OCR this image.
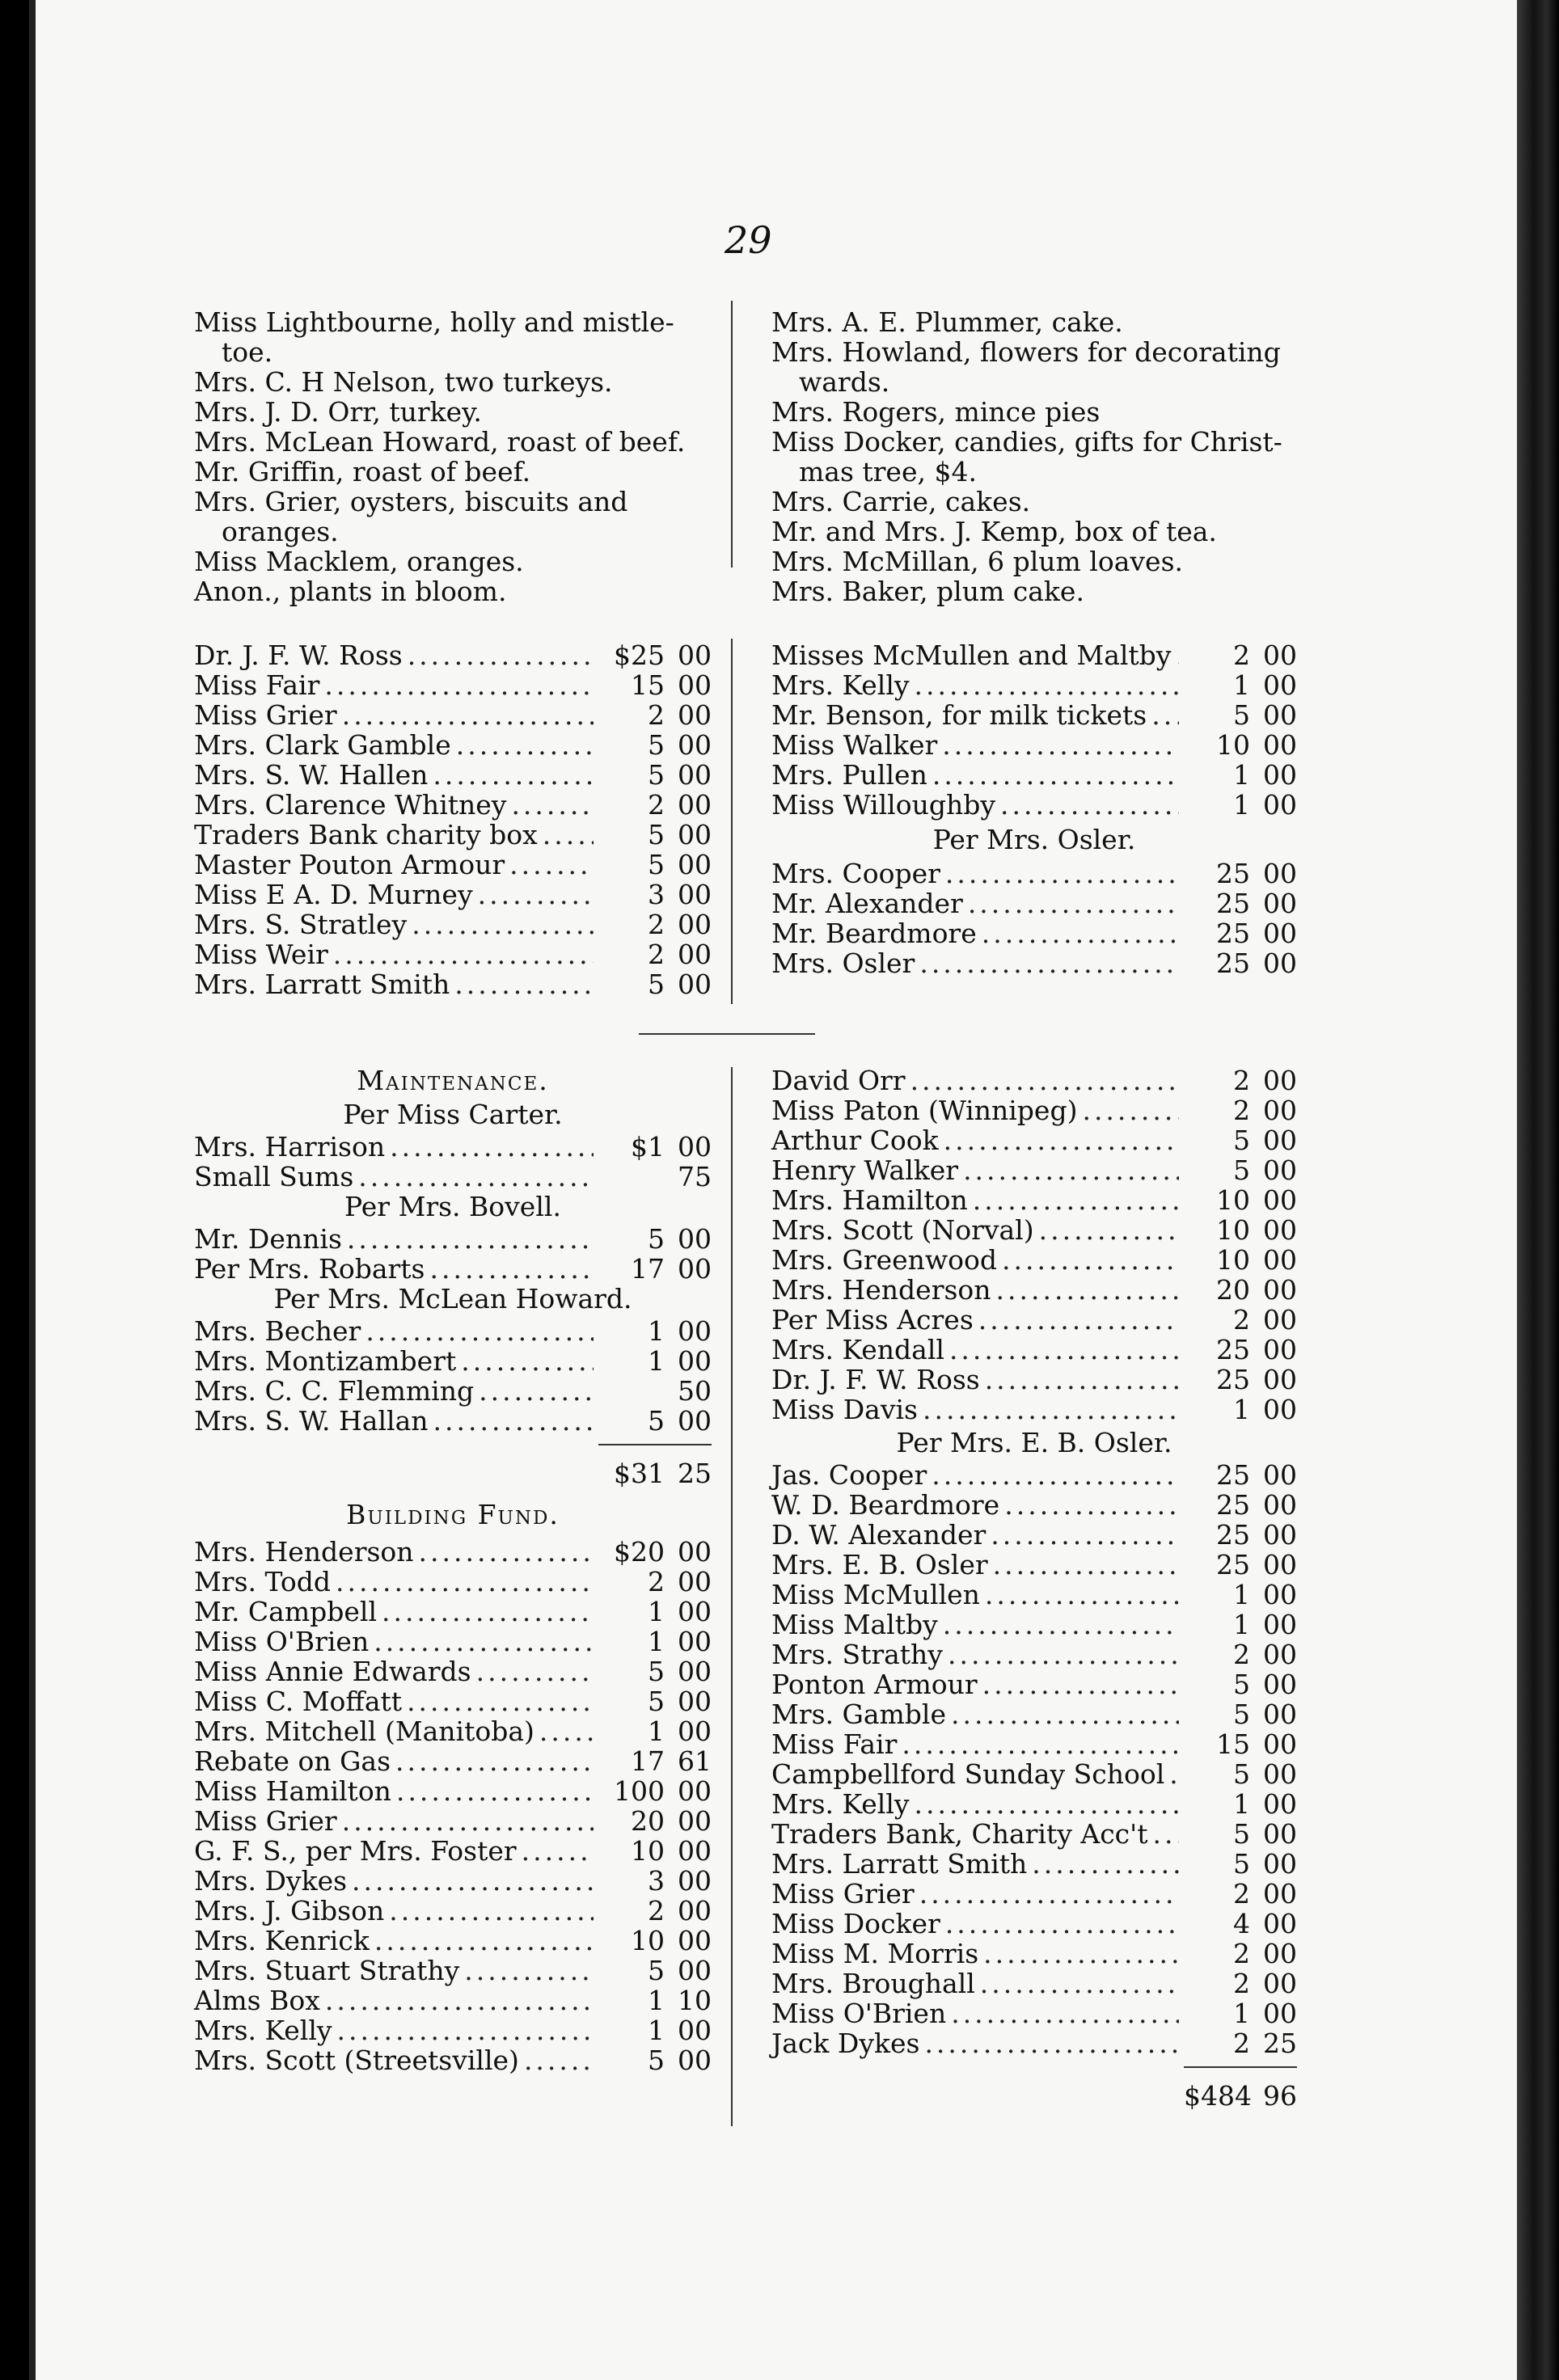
29
Miss Lightbourne, holly and mistle-
toe.
Mrs. C. H Nelson, two turkeys.
Mrs. J. D. Orr, turkey.
Mrs. McLean Howard, roast of beef.
Mr. Griffin, roast of beef.
Mrs. Grier, oysters, biscuits and
oranges.
Miss Macklem, oranges.
Anon., plants in bloom.
Mrs. A. E. Plummer, cake.
Mrs. Howland, flowers for decorating
wards.
Mrs. Rogers, mince pies
Miss Docker, candies, gifts for Christ-
mas tree, $4.
Mrs. Carrie, cakes.
Mr. and Mrs. J. Kemp, box of tea.
Mrs. McMillan, 6 plum loaves.
Mrs. Baker, plum cake.
Dr. J. F. W. Ross .....	$25 00
Miss Fair .....	15 00
Miss Grier .....	2 00
Mrs. Clark Gamble .....	5 00
Mrs. S. W. Hallen .....	5 00
Mrs. Clarence Whitney .....	2 00
Traders Bank charity box .....	5 00
Master Pouton Armour .....	5 00
Miss E A. D. Murney .....	3 00
Mrs. S. Stratley .....	2 00
Miss Weir .....	2 00
Mrs. Larratt Smith .....	5 00
Misses McMullen and Maltby .....	2 00
Mrs. Kelly .....	1 00
Mr. Benson, for milk tickets .....	5 00
Miss Walker .....	10 00
Mrs. Pullen .....	1 00
Miss Willoughby .....	1 00
Per Mrs. Osler.
Mrs. Cooper .....	25 00
Mr. Alexander .....	25 00
Mr. Beardmore .....	25 00
Mrs. Osler .....	25 00
Maintenance.
Per Miss Carter.
Mrs. Harrison .....	$1 00
Small Sums .....	75
Per Mrs. Bovell.
Mr. Dennis .....	5 00
Per Mrs. Robarts .....	17 00
Per Mrs. McLean Howard.
Mrs. Becher .....	1 00
Mrs. Montizambert .....	1 00
Mrs. C. C. Flemming .....	50
Mrs. S. W. Hallan .....	5 00
$31 25
Building Fund.
Mrs. Henderson .....	$20 00
Mrs. Todd .....	2 00
Mr. Campbell .....	1 00
Miss O'Brien .....	1 00
Miss Annie Edwards .....	5 00
Miss C. Moffatt .....	5 00
Mrs. Mitchell (Manitoba) .....	1 00
Rebate on Gas .....	17 61
Miss Hamilton .....	100 00
Miss Grier .....	20 00
G. F. S., per Mrs. Foster .....	10 00
Mrs. Dykes .....	3 00
Mrs. J. Gibson .....	2 00
Mrs. Kenrick .....	10 00
Mrs. Stuart Strathy .....	5 00
Alms Box .....	1 10
Mrs. Kelly .....	1 00
Mrs. Scott (Streetsville) .....	5 00
David Orr .....	2 00
Miss Paton (Winnipeg) .....	2 00
Arthur Cook .....	5 00
Henry Walker .....	5 00
Mrs. Hamilton .....	10 00
Mrs. Scott (Norval) .....	10 00
Mrs. Greenwood .....	10 00
Mrs. Henderson .....	20 00
Per Miss Acres .....	2 00
Mrs. Kendall .....	25 00
Dr. J. F. W. Ross .....	25 00
Miss Davis .....	1 00
Per Mrs. E. B. Osler.
Jas. Cooper .....	25 00
W. D. Beardmore .....	25 00
D. W. Alexander .....	25 00
Mrs. E. B. Osler .....	25 00
Miss McMullen .....	1 00
Miss Maltby .....	1 00
Mrs. Strathy .....	2 00
Ponton Armour .....	5 00
Mrs. Gamble .....	5 00
Miss Fair .....	15 00
Campbellford Sunday School .....	5 00
Mrs. Kelly .....	1 00
Traders Bank, Charity Acc't .....	5 00
Mrs. Larratt Smith .....	5 00
Miss Grier .....	2 00
Miss Docker .....	4 00
Miss M. Morris .....	2 00
Mrs. Broughall .....	2 00
Miss O'Brien .....	1 00
Jack Dykes .....	2 25
$484 96
